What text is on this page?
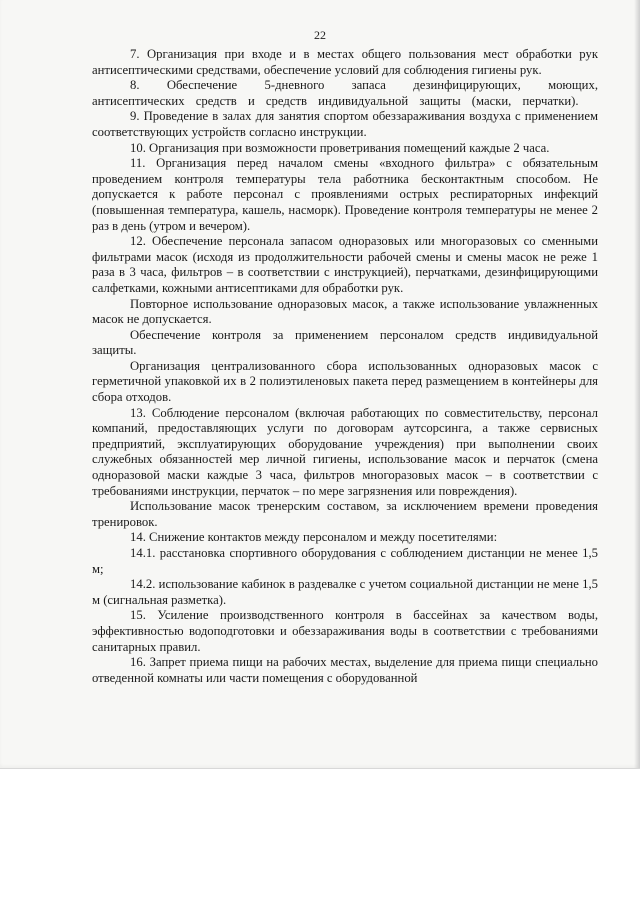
22

7. Организация при входе и в местах общего пользования мест обработки рук антисептическими средствами, обеспечение условий для соблюдения гигиены рук.

8. Обеспечение 5-дневного запаса дезинфицирующих, моющих, антисептических средств и средств индивидуальной защиты (маски, перчатки).

9. Проведение в залах для занятия спортом обеззараживания воздуха с применением соответствующих устройств согласно инструкции.

10. Организация при возможности проветривания помещений каждые 2 часа.

11. Организация перед началом смены «входного фильтра» с обязательным проведением контроля температуры тела работника бесконтактным способом. Не допускается к работе персонал с проявлениями острых респираторных инфекций (повышенная температура, кашель, насморк). Проведение контроля температуры не менее 2 раз в день (утром и вечером).

12. Обеспечение персонала запасом одноразовых или многоразовых со сменными фильтрами масок (исходя из продолжительности рабочей смены и смены масок не реже 1 раза в 3 часа, фильтров – в соответствии с инструкцией), перчатками, дезинфицирующими салфетками, кожными антисептиками для обработки рук.

Повторное использование одноразовых масок, а также использование увлажненных масок не допускается.

Обеспечение контроля за применением персоналом средств индивидуальной защиты.

Организация централизованного сбора использованных одноразовых масок с герметичной упаковкой их в 2 полиэтиленовых пакета перед размещением в контейнеры для сбора отходов.

13. Соблюдение персоналом (включая работающих по совместительству, персонал компаний, предоставляющих услуги по договорам аутсорсинга, а также сервисных предприятий, эксплуатирующих оборудование учреждения) при выполнении своих служебных обязанностей мер личной гигиены, использование масок и перчаток (смена одноразовой маски каждые 3 часа, фильтров многоразовых масок – в соответствии с требованиями инструкции, перчаток – по мере загрязнения или повреждения).

Использование масок тренерским составом, за исключением времени проведения тренировок.

14. Снижение контактов между персоналом и между посетителями:

14.1. расстановка спортивного оборудования с соблюдением дистанции не менее 1,5 м;

14.2. использование кабинок в раздевалке с учетом социальной дистанции не мене 1,5 м (сигнальная разметка).

15. Усиление производственного контроля в бассейнах за качеством воды, эффективностью водоподготовки и обеззараживания воды в соответствии с требованиями санитарных правил.

16. Запрет приема пищи на рабочих местах, выделение для приема пищи специально отведенной комнаты или части помещения с оборудованной
